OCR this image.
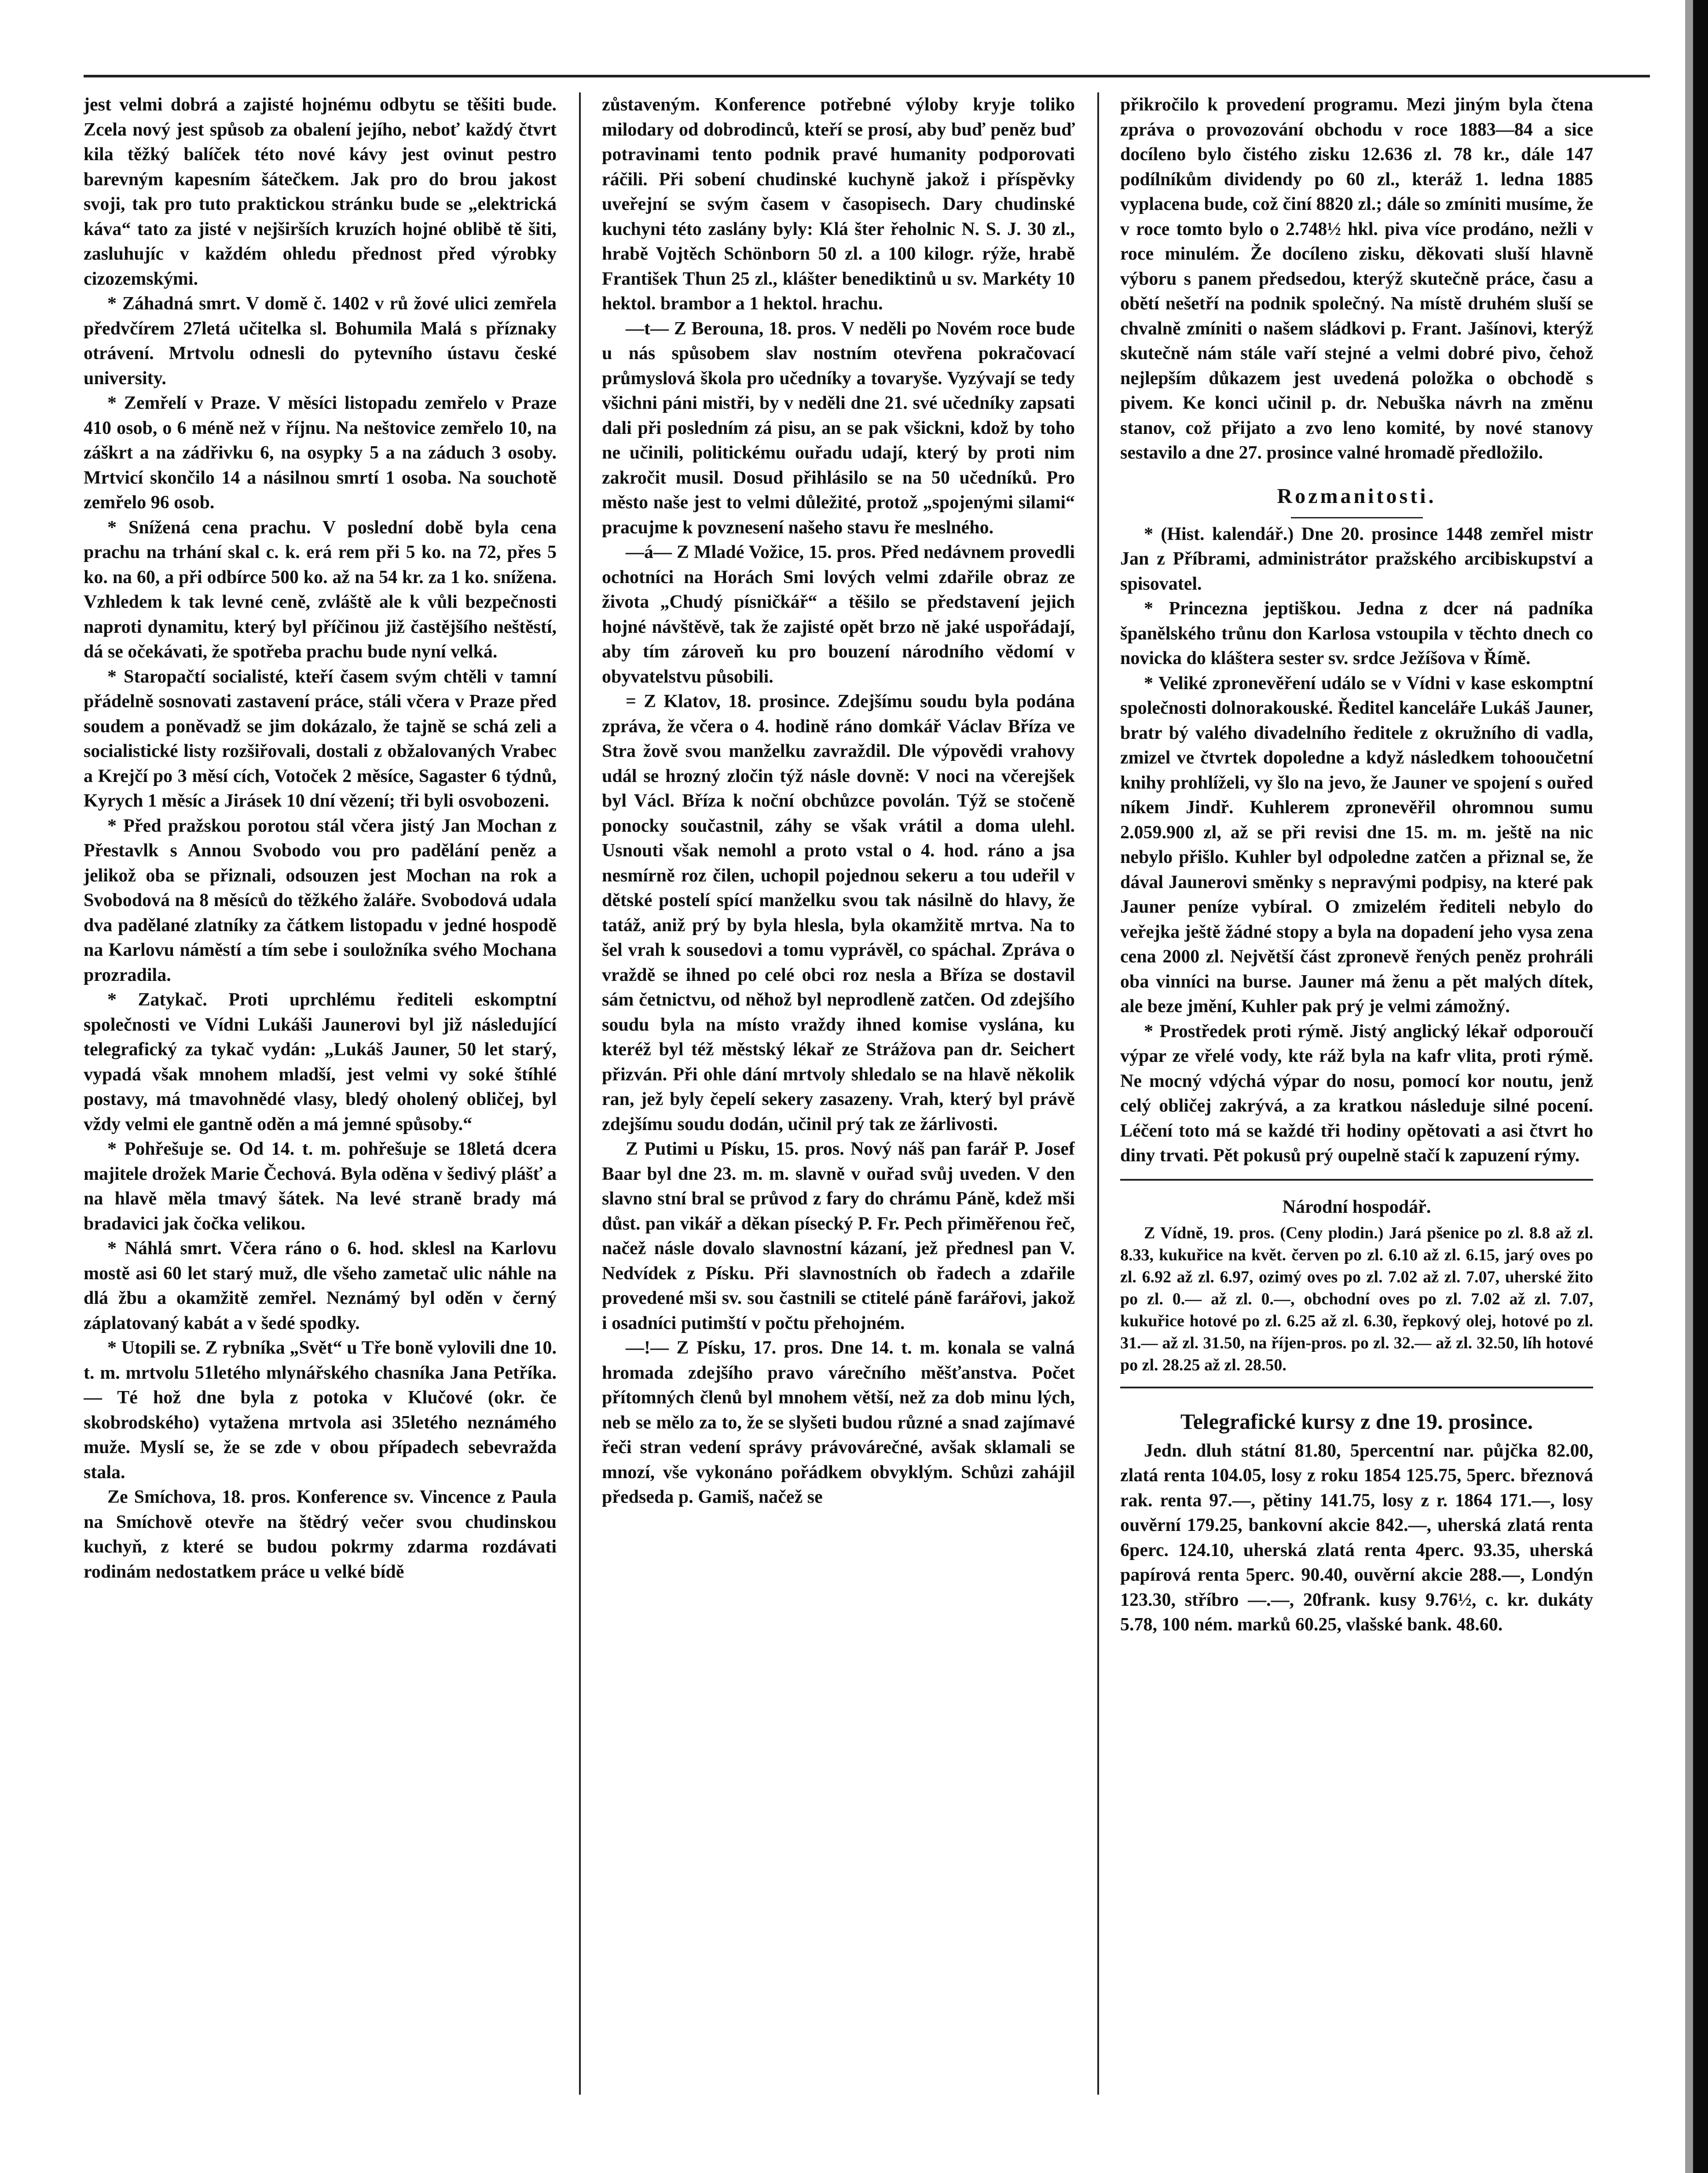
jest velmi dobrá a zajisté hojnému odbytu se těšiti bude. Zcela nový jest spůsob za obalení jejího, neboť každý čtvrt kila těžký balíček této nové kávy jest ovinut pestro barevným kapesním šátečkem. Jak pro do brou jakost svoji, tak pro tuto praktickou stránku bude se „elektrická káva“ tato za jisté v nejširších kruzích hojné oblibě tě šiti, zasluhujíc v každém ohledu přednost před výrobky cizozemskými.

* Záhadná smrt. V domě č. 1402 v rů žové ulici zemřela předvčírem 27letá učitelka sl. Bohumila Malá s příznaky otrávení. Mrtvolu odnesli do pytevního ústavu české university.

* Zemřelí v Praze. V měsíci listopadu zemřelo v Praze 410 osob, o 6 méně než v říjnu. Na neštovice zemřelo 10, na záškrt a na zádřivku 6, na osypky 5 a na záduch 3 osoby. Mrtvicí skončilo 14 a násilnou smrtí 1 osoba. Na souchotě zemřelo 96 osob.

* Snížená cena prachu. V poslední době byla cena prachu na trhání skal c. k. erá rem při 5 ko. na 72, přes 5 ko. na 60, a při odbírce 500 ko. až na 54 kr. za 1 ko. snížena. Vzhledem k tak levné ceně, zvláště ale k vůli bezpečnosti naproti dynamitu, který byl příčinou již častějšího neštěstí, dá se očekávati, že spotřeba prachu bude nyní velká.

* Staropačtí socialisté, kteří časem svým chtěli v tamní přádelně sosnovati zastavení práce, stáli včera v Praze před soudem a poněvadž se jim dokázalo, že tajně se schá zeli a socialistické listy rozšiřovali, dostali z obžalovaných Vrabec a Krejčí po 3 měsí cích, Votoček 2 měsíce, Sagaster 6 týdnů, Kyrych 1 měsíc a Jirásek 10 dní vězení; tři byli osvobozeni.

* Před pražskou porotou stál včera jistý Jan Mochan z Přestavlk s Annou Svobodo vou pro padělání peněz a jelikož oba se přiznali, odsouzen jest Mochan na rok a Svobodová na 8 měsíců do těžkého žaláře. Svobodová udala dva padělané zlatníky za čátkem listopadu v jedné hospodě na Karlovu náměstí a tím sebe i souložníka svého Mochana prozradila.

* Zatykač. Proti uprchlému řediteli eskomptní společnosti ve Vídni Lukáši Jaunerovi byl již následující telegrafický za tykač vydán: „Lukáš Jauner, 50 let starý, vypadá však mnohem mladší, jest velmi vy soké štíhlé postavy, má tmavohnědé vlasy, bledý oholený obličej, byl vždy velmi ele gantně oděn a má jemné spůsoby.“

* Pohřešuje se. Od 14. t. m. pohřešuje se 18letá dcera majitele drožek Marie Čechová. Byla oděna v šedivý plášť a na hlavě měla tmavý šátek. Na levé straně brady má bradavici jak čočka velikou.

* Náhlá smrt. Včera ráno o 6. hod. sklesl na Karlovu mostě asi 60 let starý muž, dle všeho zametač ulic náhle na dlá žbu a okamžitě zemřel. Neznámý byl oděn v černý záplatovaný kabát a v šedé spodky.

* Utopili se. Z rybníka „Svět“ u Tře boně vylovili dne 10. t. m. mrtvolu 51letého mlynářského chasníka Jana Petříka. — Té hož dne byla z potoka v Klučové (okr. če skobrodského) vytažena mrtvola asi 35letého neznámého muže. Myslí se, že se zde v obou případech sebevražda stala.

Ze Smíchova, 18. pros. Konference sv. Vincence z Paula na Smíchově otevře na štědrý večer svou chudinskou kuchyň, z které se budou pokrmy zdarma rozdávati rodinám nedostatkem práce u velké bídě

zůstaveným. Konference potřebné výloby kryje toliko milodary od dobrodinců, kteří se prosí, aby buď peněz buď potravinami tento podnik pravé humanity podporovati ráčili. Při sobení chudinské kuchyně jakož i příspěvky uveřejní se svým časem v časopisech. Dary chudinské kuchyni této zaslány byly: Klá šter řeholnic N. S. J. 30 zl., hrabě Vojtěch Schönborn 50 zl. a 100 kilogr. rýže, hrabě František Thun 25 zl., klášter benediktinů u sv. Markéty 10 hektol. brambor a 1 hektol. hrachu.

—t— Z Berouna, 18. pros. V neděli po Novém roce bude u nás spůsobem slav nostním otevřena pokračovací průmyslová škola pro učedníky a tovaryše. Vyzývají se tedy všichni páni mistři, by v neděli dne 21. své učedníky zapsati dali při posledním zá pisu, an se pak všickni, kdož by toho ne učinili, politickému ouřadu udají, který by proti nim zakročit musil. Dosud přihlásilo se na 50 učedníků. Pro město naše jest to velmi důležité, protož „spojenými silami“ pracujme k povznesení našeho stavu ře meslného.

—á— Z Mladé Vožice, 15. pros. Před nedávnem provedli ochotníci na Horách Smi lových velmi zdařile obraz ze života „Chudý písničkář“ a těšilo se představení jejich hojné návštěvě, tak že zajisté opět brzo ně jaké uspořádají, aby tím zároveň ku pro bouzení národního vědomí v obyvatelstvu působili.

= Z Klatov, 18. prosince. Zdejšímu soudu byla podána zpráva, že včera o 4. hodině ráno domkář Václav Bříza ve Stra žově svou manželku zavraždil. Dle výpovědi vrahovy udál se hrozný zločin týž násle dovně: V noci na včerejšek byl Václ. Bříza k noční obchůzce povolán. Týž se stočeně ponocky součastnil, záhy se však vrátil a doma ulehl. Usnouti však nemohl a proto vstal o 4. hod. ráno a jsa nesmírně roz čilen, uchopil pojednou sekeru a tou udeřil v dětské postelí spící manželku svou tak násilně do hlavy, že tatáž, aniž prý by byla hlesla, byla okamžitě mrtva. Na to šel vrah k sousedovi a tomu vyprávěl, co spáchal. Zpráva o vraždě se ihned po celé obci roz nesla a Bříza se dostavil sám četnictvu, od něhož byl neprodleně zatčen. Od zdejšího soudu byla na místo vraždy ihned komise vyslána, ku kteréž byl též městský lékař ze Strážova pan dr. Seichert přizván. Při ohle dání mrtvoly shledalo se na hlavě několik ran, jež byly čepelí sekery zasazeny. Vrah, který byl právě zdejšímu soudu dodán, učinil prý tak ze žárlivosti.

Z Putimi u Písku, 15. pros. Nový náš pan farář P. Josef Baar byl dne 23. m. m. slavně v ouřad svůj uveden. V den slavno stní bral se průvod z fary do chrámu Páně, kdež mši důst. pan vikář a děkan písecký P. Fr. Pech přiměřenou řeč, načež násle dovalo slavnostní kázaní, jež přednesl pan V. Nedvídek z Písku. Při slavnostních ob řadech a zdařile provedené mši sv. sou častnili se ctitelé páně farářovi, jakož i osadníci putimští v počtu přehojném.

—!— Z Písku, 17. pros. Dne 14. t. m. konala se valná hromada zdejšího pravo várečního měšťanstva. Počet přítomných členů byl mnohem větší, než za dob minu lých, neb se mělo za to, že se slyšeti budou různé a snad zajímavé řeči stran vedení správy právovárečné, avšak sklamali se mnozí, vše vykonáno pořádkem obvyklým. Schůzi zahájil předseda p. Gamiš, načež se

přikročilo k provedení programu. Mezi jiným byla čtena zpráva o provozování obchodu v roce 1883—84 a sice docíleno bylo čistého zisku 12.636 zl. 78 kr., dále 147 podílníkům dividendy po 60 zl., kteráž 1. ledna 1885 vyplacena bude, což činí 8820 zl.; dále so zmíniti musíme, že v roce tomto bylo o 2.748½ hkl. piva více prodáno, nežli v roce minulém. Že docíleno zisku, děkovati sluší hlavně výboru s panem předsedou, kterýž skutečně práce, času a obětí nešetří na podnik společný. Na místě druhém sluší se chvalně zmíniti o našem sládkovi p. Frant. Jašínovi, kterýž skutečně nám stále vaří stejné a velmi dobré pivo, čehož nejlepším důkazem jest uvedená položka o obchodě s pivem. Ke konci učinil p. dr. Nebuška návrh na změnu stanov, což přijato a zvo leno komité, by nové stanovy sestavilo a dne 27. prosince valné hromadě předložilo.

Rozmanitosti.

* (Hist. kalendář.) Dne 20. prosince 1448 zemřel mistr Jan z Příbrami, administrátor pražského arcibiskupství a spisovatel.

* Princezna jeptiškou. Jedna z dcer ná padníka španělského trůnu don Karlosa vstoupila v těchto dnech co novicka do kláštera sester sv. srdce Ježíšova v Římě.

* Veliké zpronevěření událo se v Vídni v kase eskomptní společnosti dolnorakouské. Ředitel kanceláře Lukáš Jauner, bratr bý valého divadelního ředitele z okružního di vadla, zmizel ve čtvrtek dopoledne a když následkem tohooučetní knihy prohlíželi, vy šlo na jevo, že Jauner ve spojení s ouřed níkem Jindř. Kuhlerem zpronevěřil ohromnou sumu 2.059.900 zl, až se při revisi dne 15. m. m. ještě na nic nebylo přišlo. Kuhler byl odpoledne zatčen a přiznal se, že dával Jaunerovi směnky s nepravými podpisy, na které pak Jauner peníze vybíral. O zmizelém řediteli nebylo do veřejka ještě žádné stopy a byla na dopadení jeho vysa zena cena 2000 zl. Největší část zpronevě řených peněz prohráli oba vinníci na burse. Jauner má ženu a pět malých dítek, ale beze jmění, Kuhler pak prý je velmi zámožný.

* Prostředek proti rýmě. Jistý anglický lékař odporoučí výpar ze vřelé vody, kte ráž byla na kafr vlita, proti rýmě. Ne mocný vdýchá výpar do nosu, pomocí kor noutu, jenž celý obličej zakrývá, a za kratkou následuje silné pocení. Léčení toto má se každé tři hodiny opětovati a asi čtvrt ho diny trvati. Pět pokusů prý oupelně stačí k zapuzení rýmy.

Národní hospodář.

Z Vídně, 19. pros. (Ceny plodin.) Jará pšenice po zl. 8.8 až zl. 8.33, kukuřice na květ. červen po zl. 6.10 až zl. 6.15, jarý oves po zl. 6.92 až zl. 6.97, ozimý oves po zl. 7.02 až zl. 7.07, uherské žito po zl. 0.— až zl. 0.—, obchodní oves po zl. 7.02 až zl. 7.07, kukuřice hotové po zl. 6.25 až zl. 6.30, řepkový olej, hotové po zl. 31.— až zl. 31.50, na říjen-pros. po zl. 32.— až zl. 32.50, líh hotové po zl. 28.25 až zl. 28.50.

Telegrafické kursy z dne 19. prosince.

Jedn. dluh státní 81.80, 5percentní nar. půjčka 82.00, zlatá renta 104.05, losy z roku 1854 125.75, 5perc. březnová rak. renta 97.—, pětiny 141.75, losy z r. 1864 171.—, losy ouvěrní 179.25, bankovní akcie 842.—, uherská zlatá renta 6perc. 124.10, uherská zlatá renta 4perc. 93.35, uherská papírová renta 5perc. 90.40, ouvěrní akcie 288.—, Londýn 123.30, stříbro —.—, 20frank. kusy 9.76½, c. kr. dukáty 5.78, 100 ném. marků 60.25, vlašské bank. 48.60.
